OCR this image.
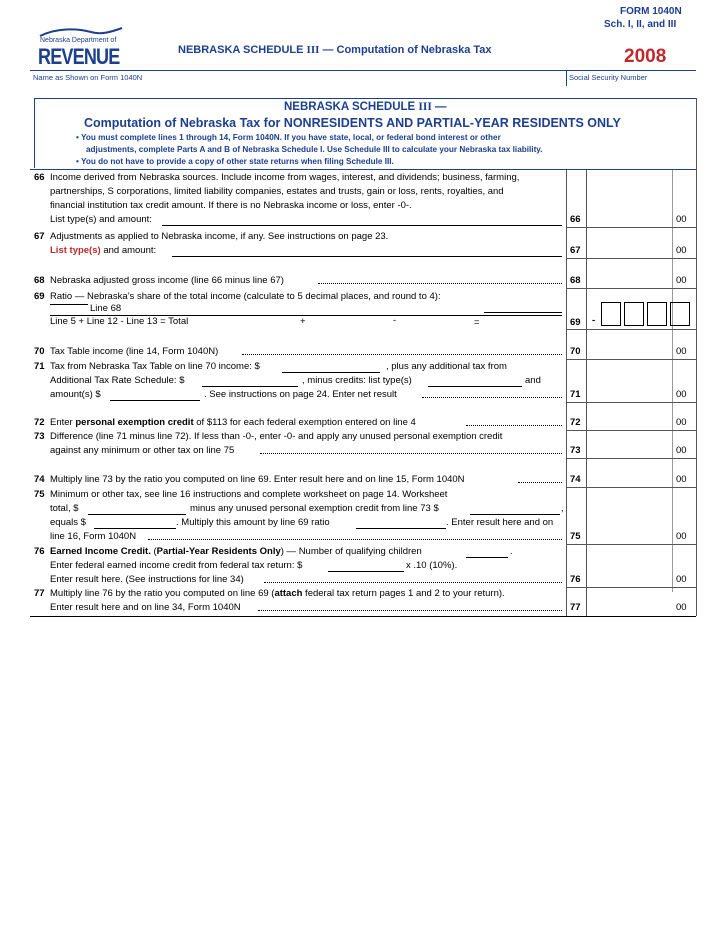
Nebraska Department of
REVENUE	NEBRASKA SCHEDULE III — Computation of Nebraska Tax
FORM 1040N
Sch. I, II, and III
2008
Name as Shown on Form 1040N	Social Security Number
NEBRASKA SCHEDULE III —
Computation of Nebraska Tax for NONRESIDENTS AND PARTIAL-YEAR RESIDENTS ONLY
• You must complete lines 1 through 14, Form 1040N. If you have state, local, or federal bond interest or other
adjustments, complete Parts A and B of Nebraska Schedule I. Use Schedule III to calculate your Nebraska tax liability.
• You do not have to provide a copy of other state returns when filing Schedule III.
66 Income derived from Nebraska sources. Include income from wages, interest, and dividends; business, farming,
partnerships, S corporations, limited liability companies, estates and trusts, gain or loss, rents, royalties, and
financial institution tax credit amount. If there is no Nebraska income or loss, enter -0-.
List type(s) and amount:	66	00
67 Adjustments as applied to Nebraska income, if any. See instructions on page 23.
List type(s) and amount:	67	00
68 Nebraska adjusted gross income (line 66 minus line 67)	68	00
69 Ratio — Nebraska’s share of the total income (calculate to 5 decimal places, and round to 4):
Line 68
Line 5 + Line 12 - Line 13 = Total	+	-	=	69 -
70 Tax Table income (line 14, Form 1040N)	70	00
71 Tax from Nebraska Tax Table on line 70 income: $	, plus any additional tax from
Additional Tax Rate Schedule: $	, minus credits: list type(s)	and
amount(s) $	. See instructions on page 24. Enter net result	71	00
72 Enter personal exemption credit of $113 for each federal exemption entered on line 4	72	00
73 Difference (line 71 minus line 72). If less than -0-, enter -0- and apply any unused personal exemption credit
against any minimum or other tax on line 75	73	00
74 Multiply line 73 by the ratio you computed on line 69. Enter result here and on line 15, Form 1040N	74	00
75 Minimum or other tax, see line 16 instructions and complete worksheet on page 14. Worksheet
total, $	minus any unused personal exemption credit from line 73 $	,
equals $	. Multiply this amount by line 69 ratio	. Enter result here and on
line 16, Form 1040N	75	00
76 Earned Income Credit. (Partial-Year Residents Only) — Number of qualifying children	.
Enter federal earned income credit from federal tax return: $	x .10 (10%).
Enter result here. (See instructions for line 34)	76	00
77 Multiply line 76 by the ratio you computed on line 69 (attach federal tax return pages 1 and 2 to your return).
Enter result here and on line 34, Form 1040N	77	00
